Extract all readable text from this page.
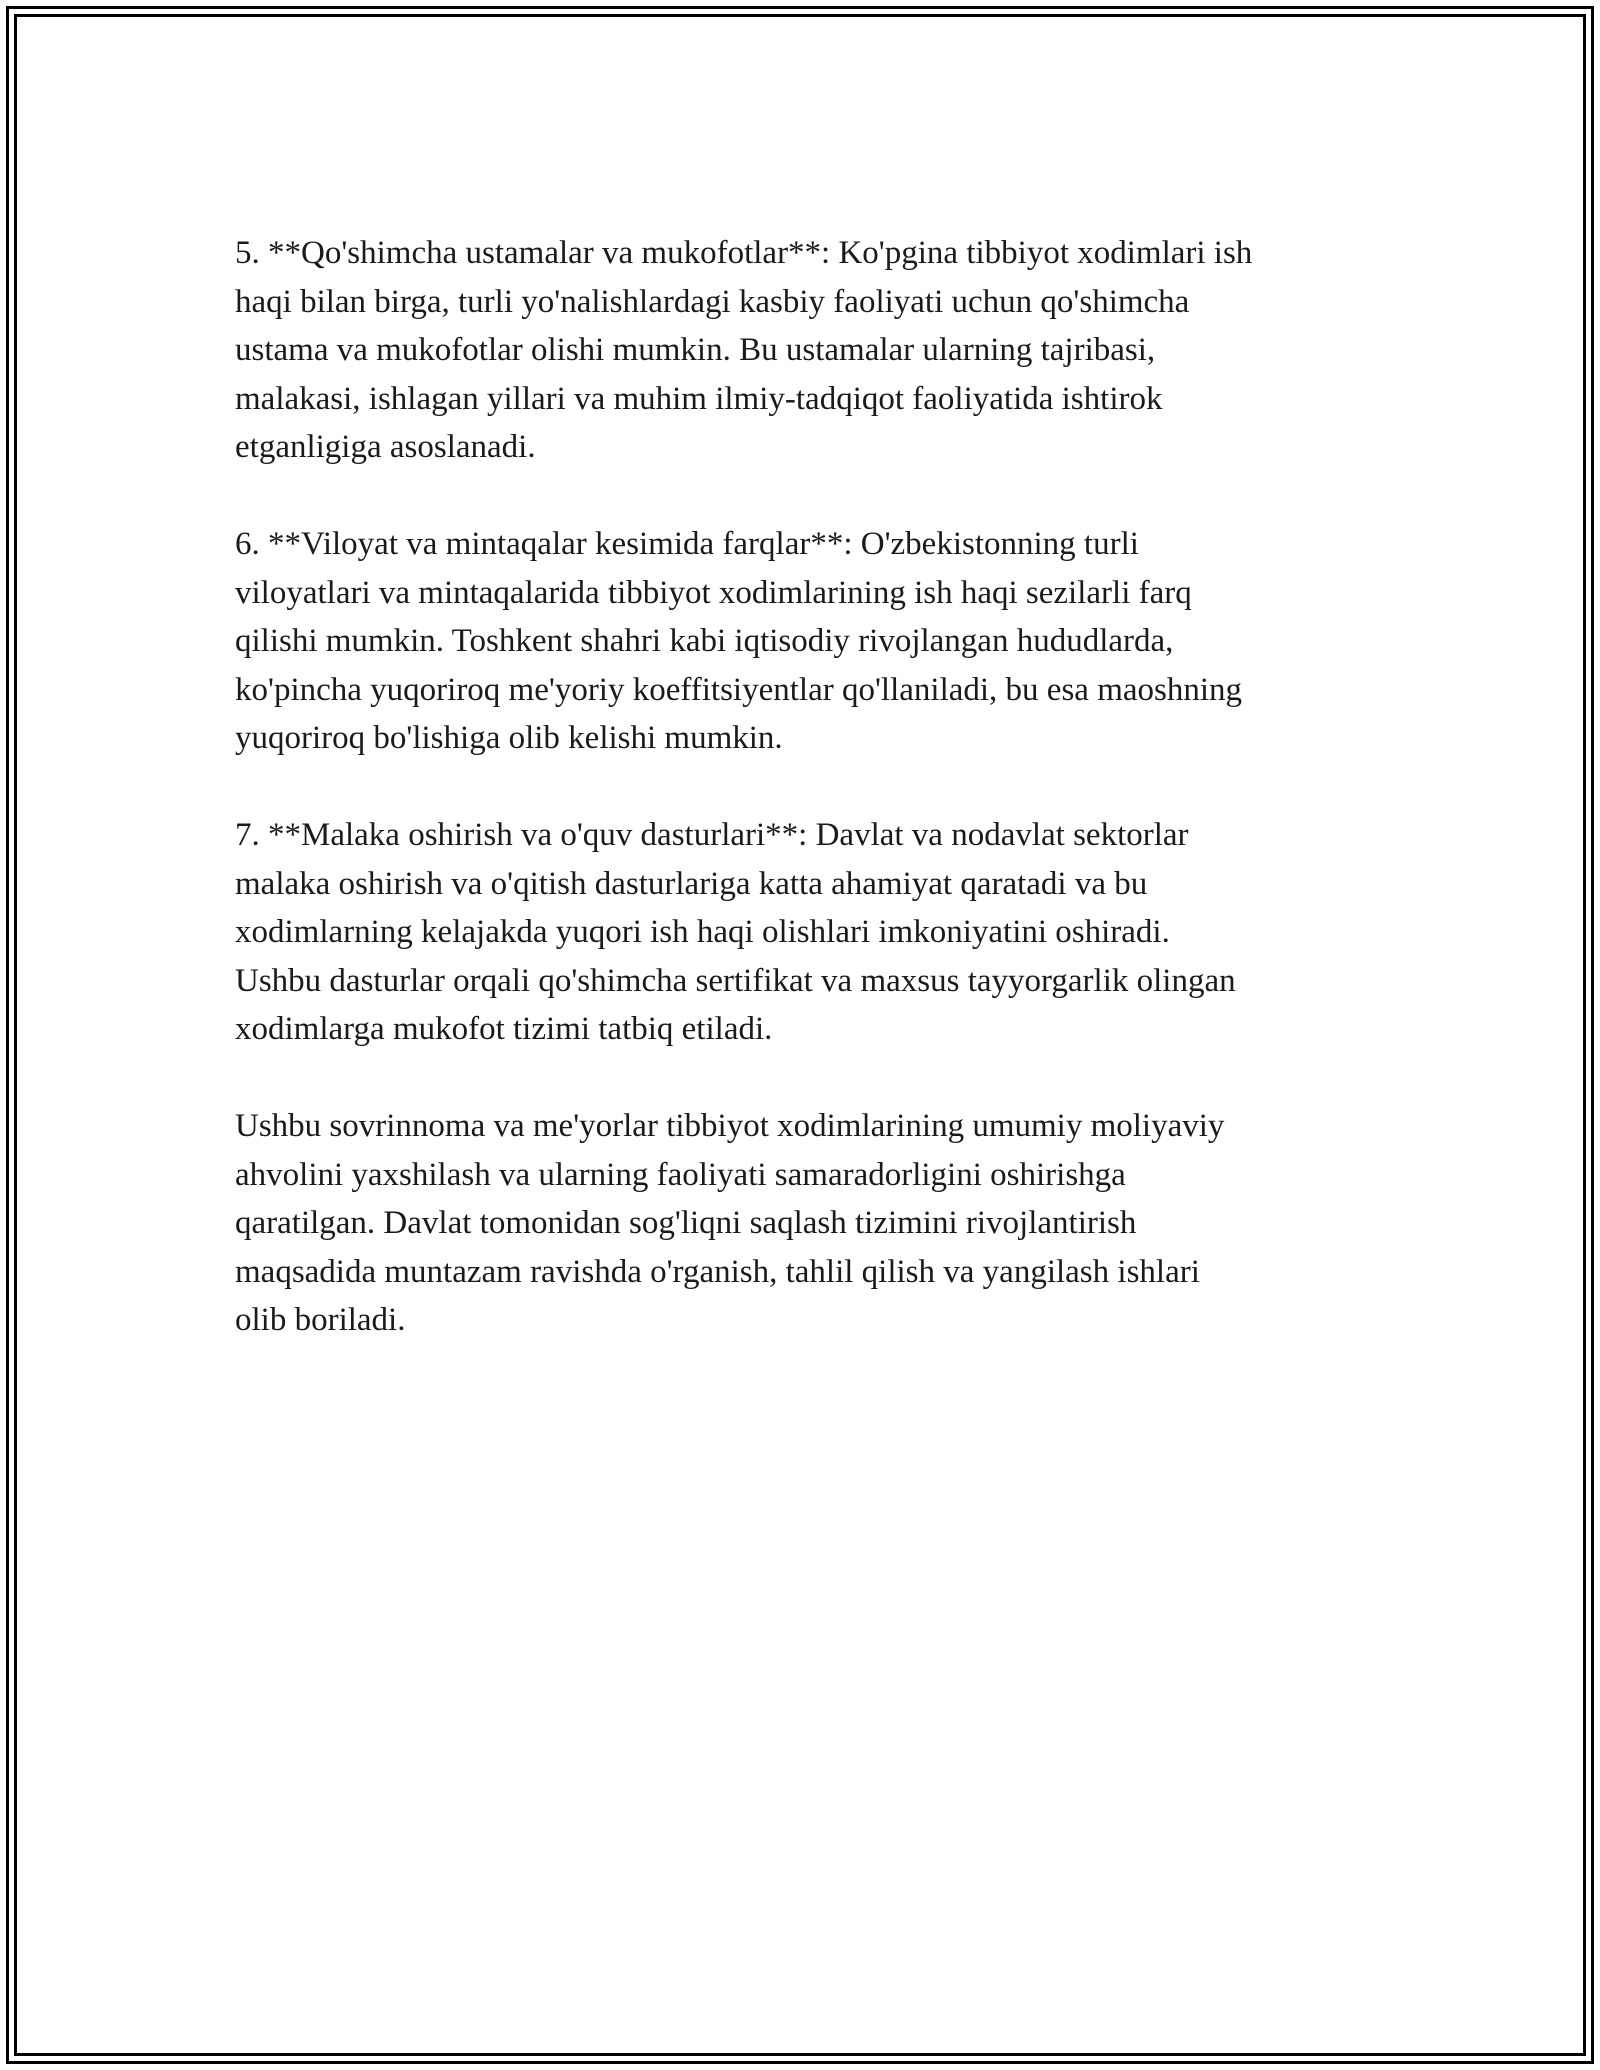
5. **Qo'shimcha ustamalar va mukofotlar**: Ko'pgina tibbiyot xodimlari ish
haqi bilan birga, turli yo'nalishlardagi kasbiy faoliyati uchun qo'shimcha
ustama va mukofotlar olishi mumkin. Bu ustamalar ularning tajribasi,
malakasi, ishlagan yillari va muhim ilmiy-tadqiqot faoliyatida ishtirok
etganligiga asoslanadi.

6. **Viloyat va mintaqalar kesimida farqlar**: O'zbekistonning turli
viloyatlari va mintaqalarida tibbiyot xodimlarining ish haqi sezilarli farq
qilishi mumkin. Toshkent shahri kabi iqtisodiy rivojlangan hududlarda,
ko'pincha yuqoriroq me'yoriy koeffitsiyentlar qo'llaniladi, bu esa maoshning
yuqoriroq bo'lishiga olib kelishi mumkin.

7. **Malaka oshirish va o'quv dasturlari**: Davlat va nodavlat sektorlar
malaka oshirish va o'qitish dasturlariga katta ahamiyat qaratadi va bu
xodimlarning kelajakda yuqori ish haqi olishlari imkoniyatini oshiradi.
Ushbu dasturlar orqali qo'shimcha sertifikat va maxsus tayyorgarlik olingan
xodimlarga mukofot tizimi tatbiq etiladi.

Ushbu sovrinnoma va me'yorlar tibbiyot xodimlarining umumiy moliyaviy
ahvolini yaxshilash va ularning faoliyati samaradorligini oshirishga
qaratilgan. Davlat tomonidan sog'liqni saqlash tizimini rivojlantirish
maqsadida muntazam ravishda o'rganish, tahlil qilish va yangilash ishlari
olib boriladi.
